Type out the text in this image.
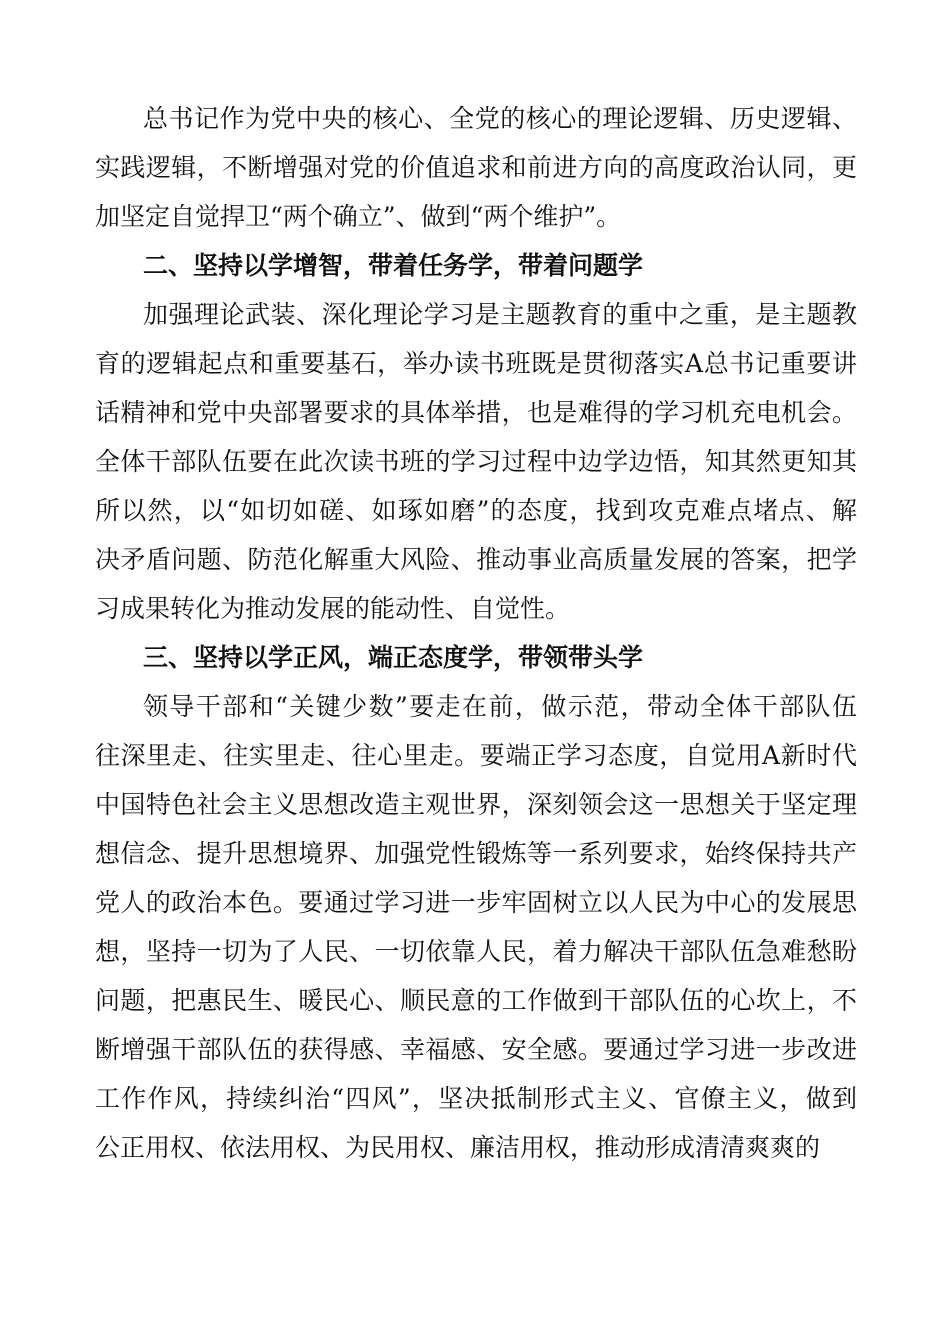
总书记作为党中央的核心、全党的核心的理论逻辑、历史逻辑、
实践逻辑，不断增强对党的价值追求和前进方向的高度政治认同，更
加坚定自觉捍卫“两个确立”、做到“两个维护”。
二、坚持以学增智，带着任务学，带着问题学
加强理论武装、深化理论学习是主题教育的重中之重，是主题教
育的逻辑起点和重要基石，举办读书班既是贯彻落实A总书记重要讲
话精神和党中央部署要求的具体举措，也是难得的学习机充电机会。
全体干部队伍要在此次读书班的学习过程中边学边悟，知其然更知其
所以然，以“如切如磋、如琢如磨”的态度，找到攻克难点堵点、解
决矛盾问题、防范化解重大风险、推动事业高质量发展的答案，把学
习成果转化为推动发展的能动性、自觉性。
三、坚持以学正风，端正态度学，带领带头学
领导干部和“关键少数”要走在前，做示范，带动全体干部队伍
往深里走、往实里走、往心里走。要端正学习态度，自觉用A新时代
中国特色社会主义思想改造主观世界，深刻领会这一思想关于坚定理
想信念、提升思想境界、加强党性锻炼等一系列要求，始终保持共产
党人的政治本色。要通过学习进一步牢固树立以人民为中心的发展思
想，坚持一切为了人民、一切依靠人民，着力解决干部队伍急难愁盼
问题，把惠民生、暖民心、顺民意的工作做到干部队伍的心坎上，不
断增强干部队伍的获得感、幸福感、安全感。要通过学习进一步改进
工作作风，持续纠治“四风”，坚决抵制形式主义、官僚主义，做到
公正用权、依法用权、为民用权、廉洁用权，推动形成清清爽爽的
